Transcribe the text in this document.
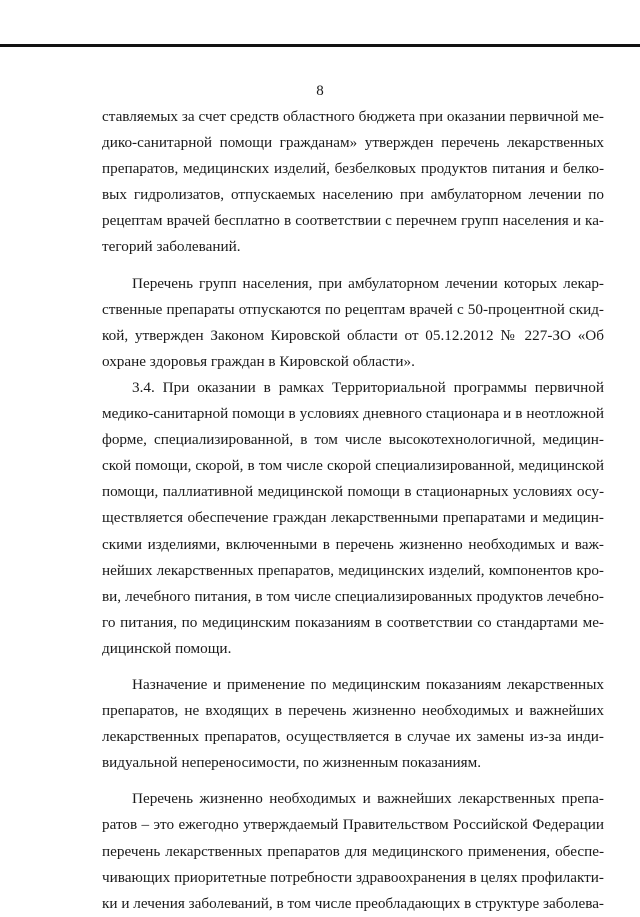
8
ставляемых за счет средств областного бюджета при оказании первичной ме-
дико-санитарной помощи гражданам» утвержден перечень лекарственных
препаратов, медицинских изделий, безбелковых продуктов питания и белко-
вых гидролизатов, отпускаемых населению при амбулаторном лечении по
рецептам врачей бесплатно в соответствии с перечнем групп населения и ка-
тегорий заболеваний.
Перечень групп населения, при амбулаторном лечении которых лекар-
ственные препараты отпускаются по рецептам врачей с 50-процентной скид-
кой, утвержден Законом Кировской области от 05.12.2012 № 227-ЗО «Об
охране здоровья граждан в Кировской области».
3.4. При оказании в рамках Территориальной программы первичной
медико-санитарной помощи в условиях дневного стационара и в неотложной
форме, специализированной, в том числе высокотехнологичной, медицин-
ской помощи, скорой, в том числе скорой специализированной, медицинской
помощи, паллиативной медицинской помощи в стационарных условиях осу-
ществляется обеспечение граждан лекарственными препаратами и медицин-
скими изделиями, включенными в перечень жизненно необходимых и важ-
нейших лекарственных препаратов, медицинских изделий, компонентов кро-
ви, лечебного питания, в том числе специализированных продуктов лечебно-
го питания, по медицинским показаниям в соответствии со стандартами ме-
дицинской помощи.
Назначение и применение по медицинским показаниям лекарственных
препаратов, не входящих в перечень жизненно необходимых и важнейших
лекарственных препаратов, осуществляется в случае их замены из-за инди-
видуальной непереносимости, по жизненным показаниям.
Перечень жизненно необходимых и важнейших лекарственных препа-
ратов – это ежегодно утверждаемый Правительством Российской Федерации
перечень лекарственных препаратов для медицинского применения, обеспе-
чивающих приоритетные потребности здравоохранения в целях профилакти-
ки и лечения заболеваний, в том числе преобладающих в структуре заболева-
